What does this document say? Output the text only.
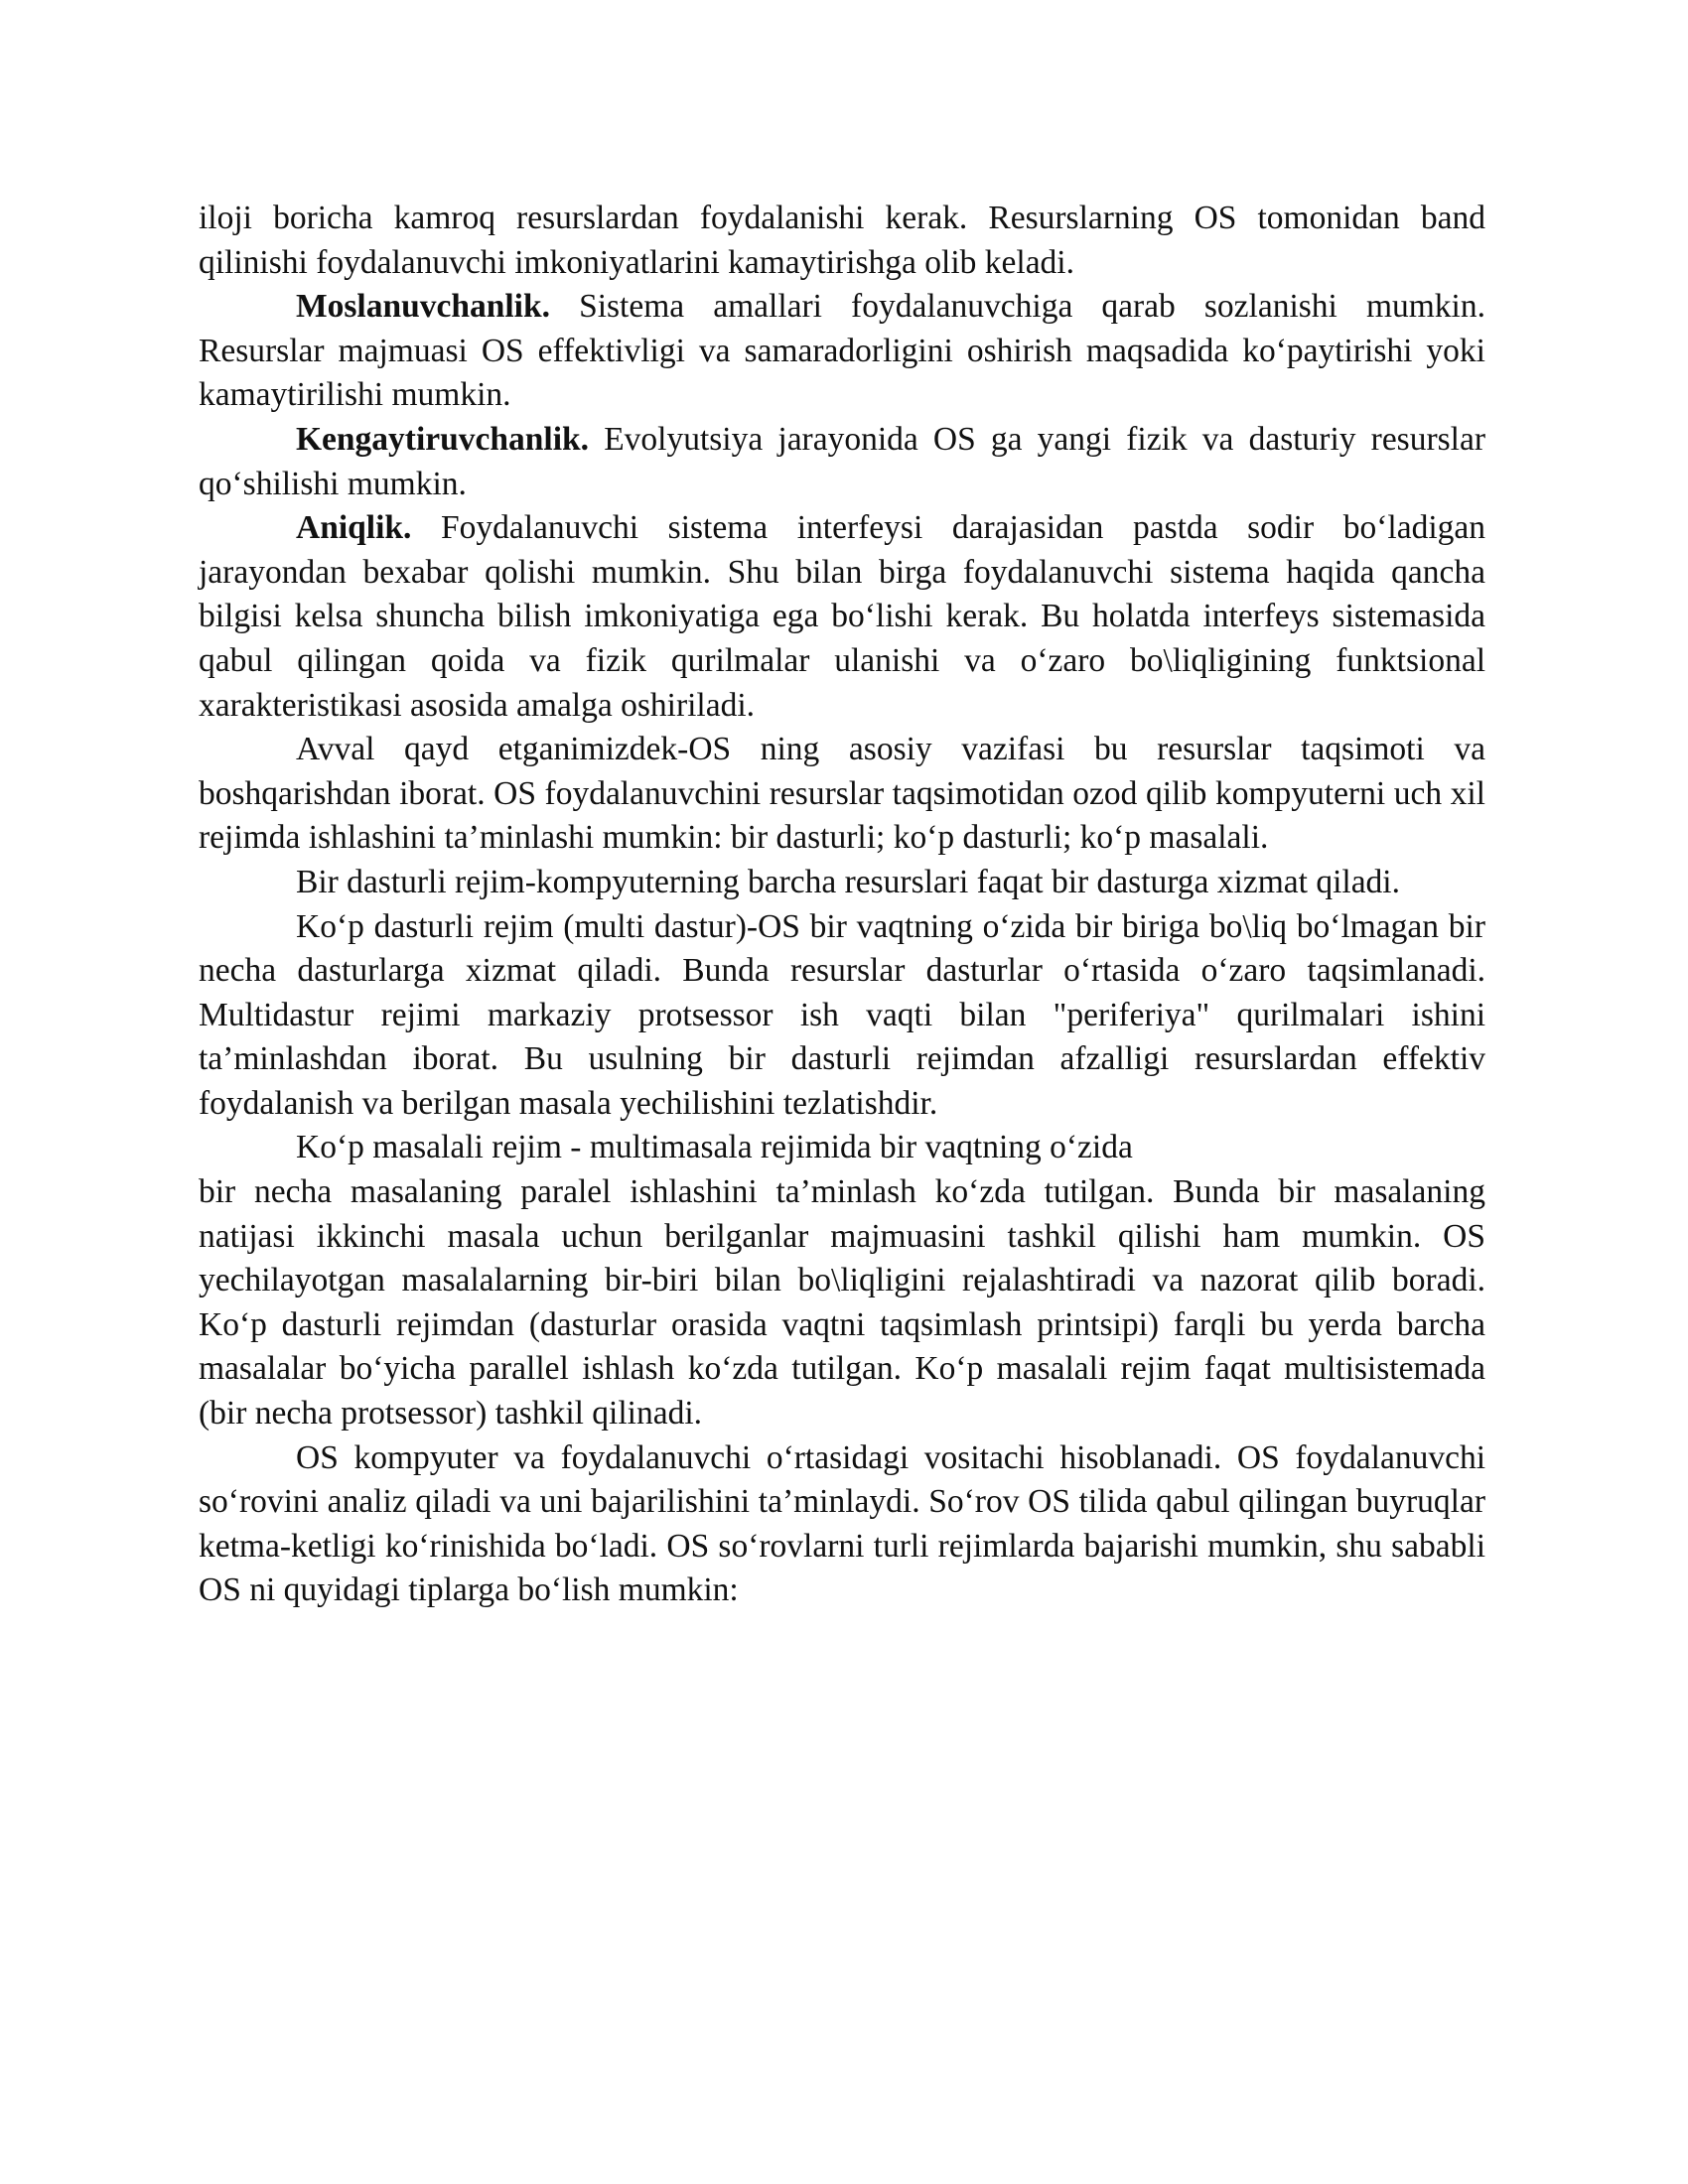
iloji boricha kamroq resurslardan foydalanishi kerak. Resurslarning OS tomonidan band qilinishi foydalanuvchi imkoniyatlarini kamaytirishga olib keladi.

Moslanuvchanlik. Sistema amallari foydalanuvchiga qarab sozlanishi mumkin. Resurslar majmuasi OS effektivligi va samaradorligini oshirish maqsadida ko‘paytirishi yoki kamaytirilishi mumkin.

Kengaytiruvchanlik. Evolyutsiya jarayonida OS ga yangi fizik va dasturiy resurslar qo‘shilishi mumkin.

Aniqlik. Foydalanuvchi sistema interfeysi darajasidan pastda sodir bo‘ladigan jarayondan bexabar qolishi mumkin. Shu bilan birga foydalanuvchi sistema haqida qancha bilgisi kelsa shuncha bilish imkoniyatiga ega bo‘lishi kerak. Bu holatda interfeys sistemasida qabul qilingan qoida va fizik qurilmalar ulanishi va o‘zaro bo\liqligining funktsional xarakteristikasi asosida amalga oshiriladi.

Avval qayd etganimizdek-OS ning asosiy vazifasi bu resurslar taqsimoti va boshqarishdan iborat. OS foydalanuvchini resurslar taqsimotidan ozod qilib kompyuterni uch xil rejimda ishlashini ta’minlashi mumkin: bir dasturli; ko‘p dasturli; ko‘p masalali.

Bir dasturli rejim-kompyuterning barcha resurslari faqat bir dasturga xizmat qiladi.

Ko‘p dasturli rejim (multi dastur)-OS bir vaqtning o‘zida bir biriga bo\liq bo‘lmagan bir necha dasturlarga xizmat qiladi. Bunda resurslar dasturlar o‘rtasida o‘zaro taqsimlanadi. Multidastur rejimi markaziy protsessor ish vaqti bilan "periferiya" qurilmalari ishini ta’minlashdan iborat. Bu usulning bir dasturli rejimdan afzalligi resurslardan effektiv foydalanish va berilgan masala yechilishini tezlatishdir.

Ko‘p masalali rejim - multimasala rejimida bir vaqtning o‘zida

bir necha masalaning paralel ishlashini ta’minlash ko‘zda tutilgan. Bunda bir masalaning natijasi ikkinchi masala uchun berilganlar majmuasini tashkil qilishi ham mumkin. OS yechilayotgan masalalarning bir-biri bilan bo\liqligini rejalashtiradi va nazorat qilib boradi. Ko‘p dasturli rejimdan (dasturlar orasida vaqtni taqsimlash printsipi) farqli bu yerda barcha masalalar bo‘yicha parallel ishlash ko‘zda tutilgan. Ko‘p masalali rejim faqat multisistemada (bir necha protsessor) tashkil qilinadi.

OS kompyuter va foydalanuvchi o‘rtasidagi vositachi hisoblanadi. OS foydalanuvchi so‘rovini analiz qiladi va uni bajarilishini ta’minlaydi. So‘rov OS tilida qabul qilingan buyruqlar ketma-ketligi ko‘rinishida bo‘ladi. OS so‘rovlarni turli rejimlarda bajarishi mumkin, shu sababli OS ni quyidagi tiplarga bo‘lish mumkin:
